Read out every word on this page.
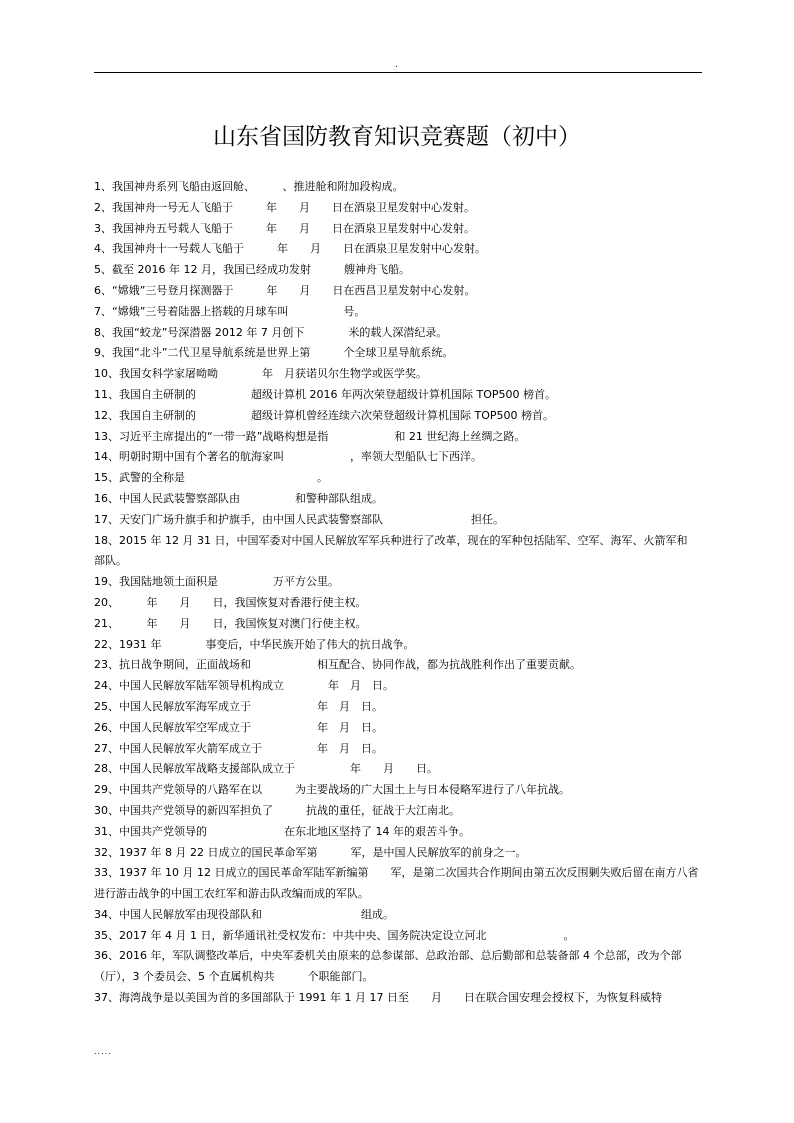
.
山东省国防教育知识竞赛题（初中）
1、我国神舟系列飞船由返回舱、　　　、推进舱和附加段构成。
2、我国神舟一号无人飞船于　　　年　　月　　日在酒泉卫星发射中心发射。
3、我国神舟五号载人飞船于　　　年　　月　　日在酒泉卫星发射中心发射。
4、我国神舟十一号载人飞船于　　　年　　月　　日在酒泉卫星发射中心发射。
5、截至 2016 年 12 月，我国已经成功发射　　　艘神舟飞船。
6、“嫦娥”三号登月探测器于　　　年　　月　　日在西昌卫星发射中心发射。
7、“嫦娥”三号着陆器上搭载的月球车叫　　　　　号。
8、我国“蛟龙”号深潜器 2012 年 7 月创下　　　　米的载人深潜纪录。
9、我国“北斗”二代卫星导航系统是世界上第　　　个全球卫星导航系统。
10、我国女科学家屠呦呦　　　　年　月获诺贝尔生物学或医学奖。
11、我国自主研制的　　　　　超级计算机 2016 年两次荣登超级计算机国际 TOP500 榜首。
12、我国自主研制的　　　　　超级计算机曾经连续六次荣登超级计算机国际 TOP500 榜首。
13、习近平主席提出的“一带一路”战略构想是指　　　　　　和 21 世纪海上丝绸之路。
14、明朝时期中国有个著名的航海家叫　　　　　　，率领大型船队七下西洋。
15、武警的全称是　　　　　　　　　　　　。
16、中国人民武装警察部队由　　　　　和警种部队组成。
17、天安门广场升旗手和护旗手，由中国人民武装警察部队　　　　　　　　担任。
18、2015 年 12 月 31 日，中国军委对中国人民解放军军兵种进行了改革，现在的军种包括陆军、空军、海军、火箭军和　　　　部队。
19、我国陆地领土面积是　　　　　万平方公里。
20、　　　年　　月　　日，我国恢复对香港行使主权。
21、　　　年　　月　　日，我国恢复对澳门行使主权。
22、1931 年　　　　事变后，中华民族开始了伟大的抗日战争。
23、抗日战争期间，正面战场和　　　　　　相互配合、协同作战，都为抗战胜利作出了重要贡献。
24、中国人民解放军陆军领导机构成立　　　　年　月　日。
25、中国人民解放军海军成立于　　　　　　年　月　日。
26、中国人民解放军空军成立于　　　　　　年　月　日。
27、中国人民解放军火箭军成立于　　　　　年　月　日。
28、中国人民解放军战略支援部队成立于　　　　　年　　月　　日。
29、中国共产党领导的八路军在以　　　为主要战场的广大国土上与日本侵略军进行了八年抗战。
30、中国共产党领导的新四军担负了　　　抗战的重任，征战于大江南北。
31、中国共产党领导的　　　　　　　在东北地区坚持了 14 年的艰苦斗争。
32、1937 年 8 月 22 日成立的国民革命军第　　　军，是中国人民解放军的前身之一。
33、1937 年 10 月 12 日成立的国民革命军陆军新编第　　军，是第二次国共合作期间由第五次反围剿失败后留在南方八省进行游击战争的中国工农红军和游击队改编而成的军队。
34、中国人民解放军由现役部队和　　　　　　　　　组成。
35、2017 年 4 月 1 日，新华通讯社受权发布：中共中央、国务院决定设立河北　　　　　　　。
36、2016 年，军队调整改革后，中央军委机关由原来的总参谋部、总政治部、总后勤部和总装备部 4 个总部，改为个部（厅），3 个委员会、5 个直属机构共　　　个职能部门。
37、海湾战争是以美国为首的多国部队于 1991 年 1 月 17 日至　　月　　日在联合国安理会授权下，为恢复科威特
.....
